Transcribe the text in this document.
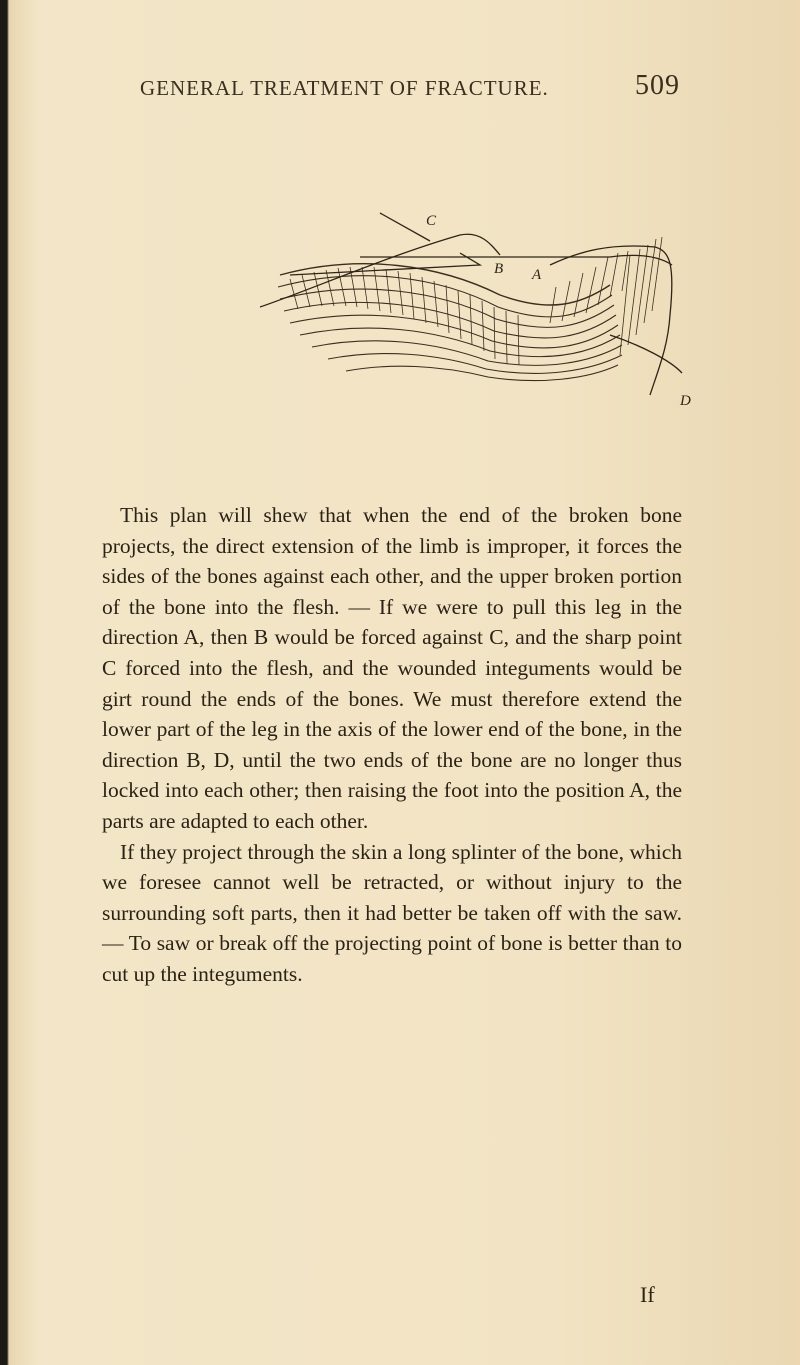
GENERAL TREATMENT OF FRACTURE.	509
C
B A
D

This plan will shew that when the end of the broken bone projects, the direct extension of the limb is improper, it forces the sides of the bones against each other, and the upper broken portion of the bone into the flesh. — If we were to pull this leg in the direction A, then B would be forced against C, and the sharp point C forced into the flesh, and the wounded integuments would be girt round the ends of the bones. We must therefore extend the lower part of the leg in the axis of the lower end of the bone, in the direction B, D, until the two ends of the bone are no longer thus locked into each other; then raising the foot into the position A, the parts are adapted to each other.

If they project through the skin a long splinter of the bone, which we foresee cannot well be retracted, or without injury to the surrounding soft parts, then it had better be taken off with the saw. — To saw or break off the projecting point of bone is better than to cut up the integuments.

If
